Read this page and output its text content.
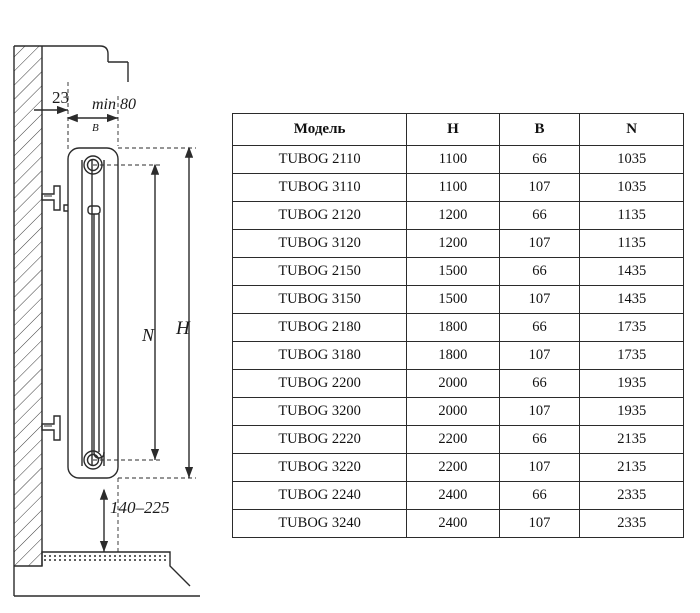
23 min 80
B
N H
140–225
Модель	H	B	N
TUBOG 2110	1100	66	1035
TUBOG 3110	1100	107	1035
TUBOG 2120	1200	66	1135
TUBOG 3120	1200	107	1135
TUBOG 2150	1500	66	1435
TUBOG 3150	1500	107	1435
TUBOG 2180	1800	66	1735
TUBOG 3180	1800	107	1735
TUBOG 2200	2000	66	1935
TUBOG 3200	2000	107	1935
TUBOG 2220	2200	66	2135
TUBOG 3220	2200	107	2135
TUBOG 2240	2400	66	2335
TUBOG 3240	2400	107	2335
